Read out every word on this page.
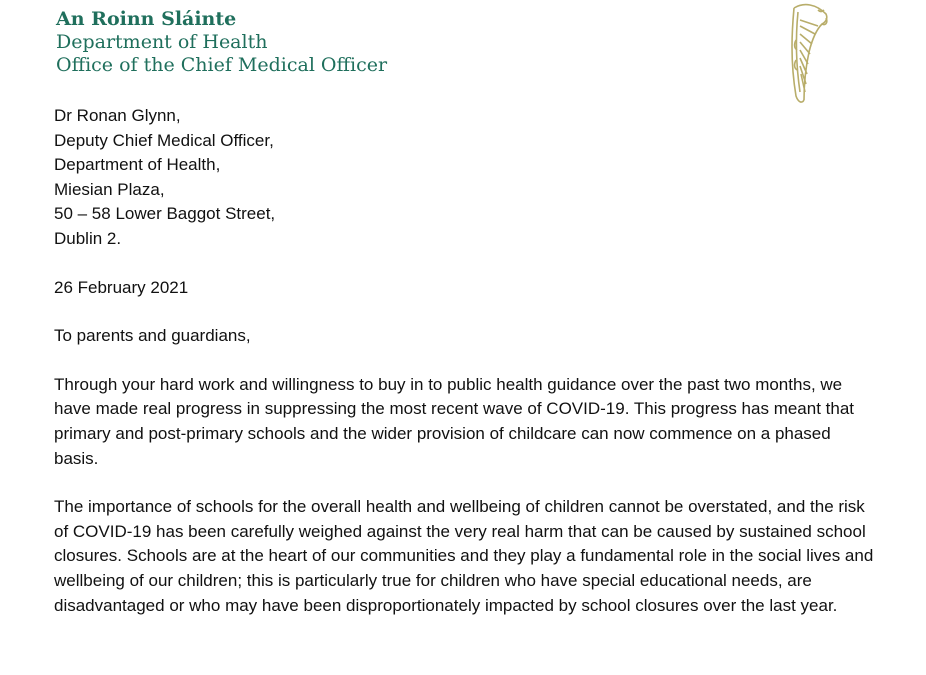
An Roinn Sláinte
Department of Health
Office of the Chief Medical Officer
Dr Ronan Glynn,
Deputy Chief Medical Officer,
Department of Health,
Miesian Plaza,
50 – 58 Lower Baggot Street,
Dublin 2.

26 February 2021

To parents and guardians,

Through your hard work and willingness to buy in to public health guidance over the past two months, we have made real progress in suppressing the most recent wave of COVID-19. This progress has meant that primary and post-primary schools and the wider provision of childcare can now commence on a phased basis.

The importance of schools for the overall health and wellbeing of children cannot be overstated, and the risk of COVID-19 has been carefully weighed against the very real harm that can be caused by sustained school closures. Schools are at the heart of our communities and they play a fundamental role in the social lives and wellbeing of our children; this is particularly true for children who have special educational needs, are disadvantaged or who may have been disproportionately impacted by school closures over the last year.
